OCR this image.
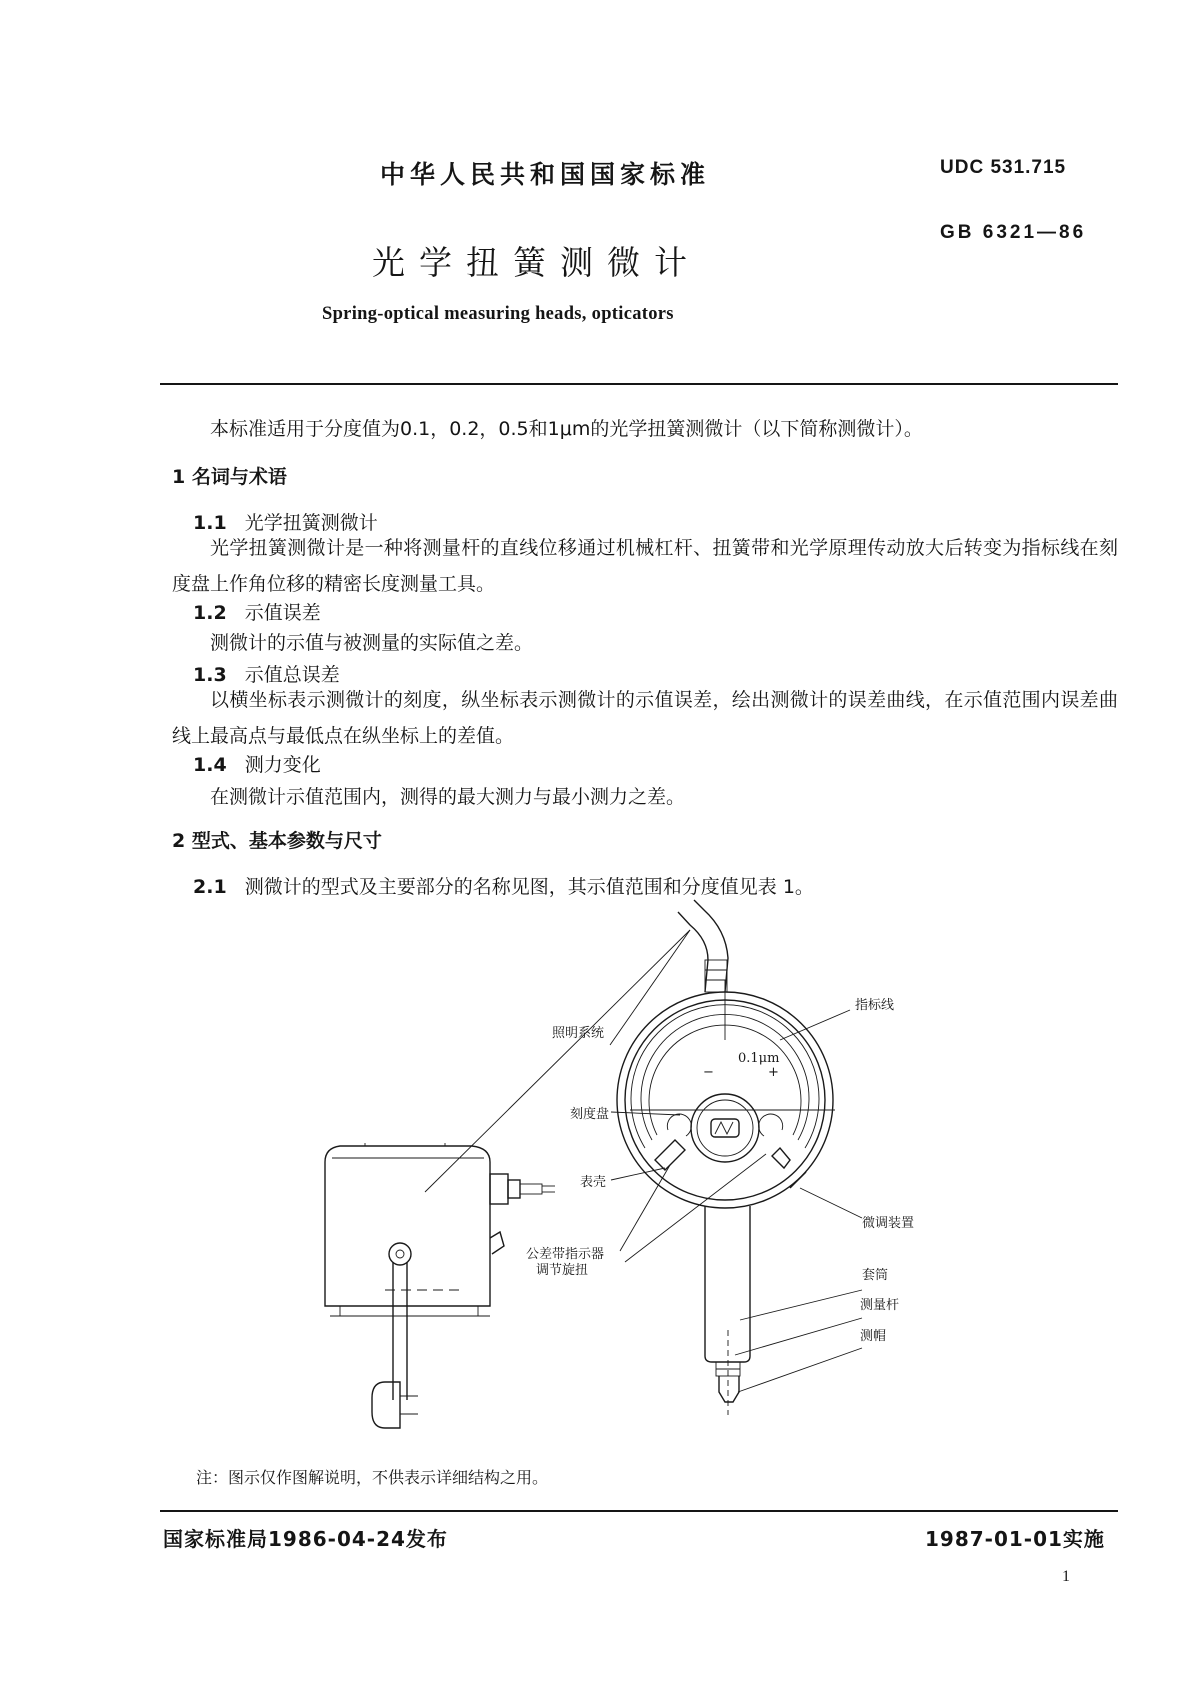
中华人民共和国国家标准	UDC 531.715
GB 6321—86
光学扭簧测微计
Spring-optical measuring heads, opticators
本标准适用于分度值为0.1，0.2，0.5和1μm的光学扭簧测微计（以下简称测微计）。
1 名词与术语
1.1 光学扭簧测微计
光学扭簧测微计是一种将测量杆的直线位移通过机械杠杆、扭簧带和光学原理传动放大后转变为指标线在刻度盘上作角位移的精密长度测量工具。
1.2 示值误差
测微计的示值与被测量的实际值之差。
1.3 示值总误差
以横坐标表示测微计的刻度，纵坐标表示测微计的示值误差，绘出测微计的误差曲线，在示值范围内误差曲线上最高点与最低点在纵坐标上的差值。
1.4 测力变化
在测微计示值范围内，测得的最大测力与最小测力之差。
2 型式、基本参数与尺寸
2.1 测微计的型式及主要部分的名称见图，其示值范围和分度值见表 1。
0.1μm
−	+
指标线
照明系统
刻度盘
表壳
微调装置
公差带指示器
调节旋扭	套筒
测量杆
测帽
注：图示仅作图解说明，不供表示详细结构之用。
国家标准局1986-04-24发布	1987-01-01实施
1
